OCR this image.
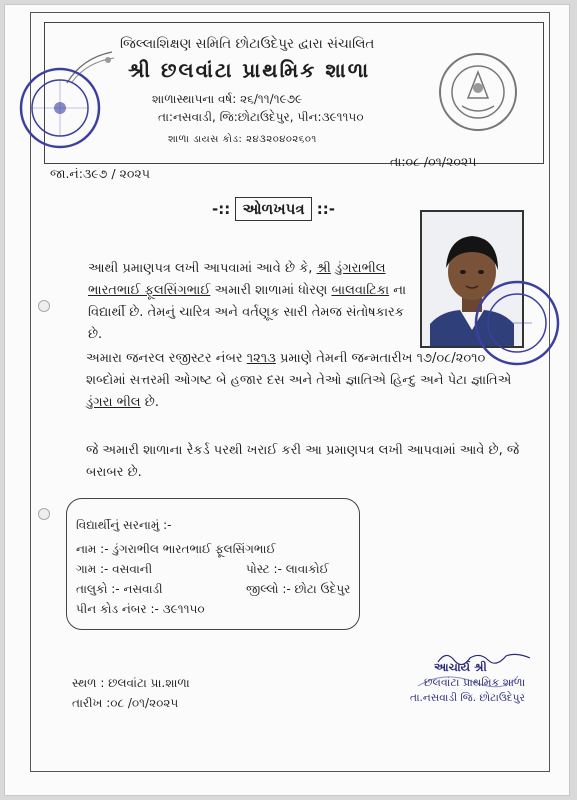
જિલ્લાશિક્ષણ સમિતિ છોટાઉદેપુર દ્વારા સંચાલિત
શ્રી છલવાંટા પ્રાથમિક શાળા
શાળાસ્થાપના વર્ષ: ૨૬/૧૧/૧૯૭૯
તા:નસવાડી, જિ:છોટાઉદેપુર, પીન:૩૯૧૧૫૦
શાળા ડાયસ કોડ: ૨૪૩૨૦૪૦૨૬૦૧
જા.નં:૩૯૭ / ૨૦૨૫
તા:૦૮ /૦૧/૨૦૨૫
-:: ઓળખપત્ર ::-
આથી પ્રમાણપત્ર લખી આપવામાં આવે છે કે, શ્રી ડુંગરાભીલ ભારતભાઈ ફૂલસિંગભાઈ અમારી શાળામાં ધોરણ બાલવાટિકા ના વિદ્યાર્થી છે. તેમનું ચારિત્ર અને વર્તણૂક સારી તેમજ સંતોષકારક છે.
અમારા જનરલ રજીસ્ટર નંબર ૧૨૧૩ પ્રમાણે તેમની જન્મતારીખ ૧૭/૦૮/૨૦૧૦ શબ્દોમાં સત્તરમી ઓગષ્ટ બે હજાર દસ અને તેઓ જ્ઞાતિએ હિન્દુ અને પેટા જ્ઞાતિએ ડુંગરા ભીલ છે.
જે અમારી શાળાના રેકર્ડ પરથી ખરાઈ કરી આ પ્રમાણપત્ર લખી આપવામાં આવે છે, જે બરાબર છે.
વિદ્યાર્થીનું સરનામું :-
નામ :- ડુંગરાભીલ ભારતભાઈ ફૂલસિંગભાઈ
ગામ :- વસવાની	પોસ્ટ :- લાવાકોઈ
તાલુકો :- નસવાડી	જીલ્લો :- છોટા ઉદેપુર
પીન કોડ નંબર :- ૩૯૧૧૫૦
સ્થળ : છલવાંટા પ્રા.શાળા
તારીખ :૦૮ /૦૧/૨૦૨૫
આચાર્ય શ્રી
છલવાંટા પ્રાથમિક શાળા
તા.નસવાડી જિ. છોટાઉદેપુર
